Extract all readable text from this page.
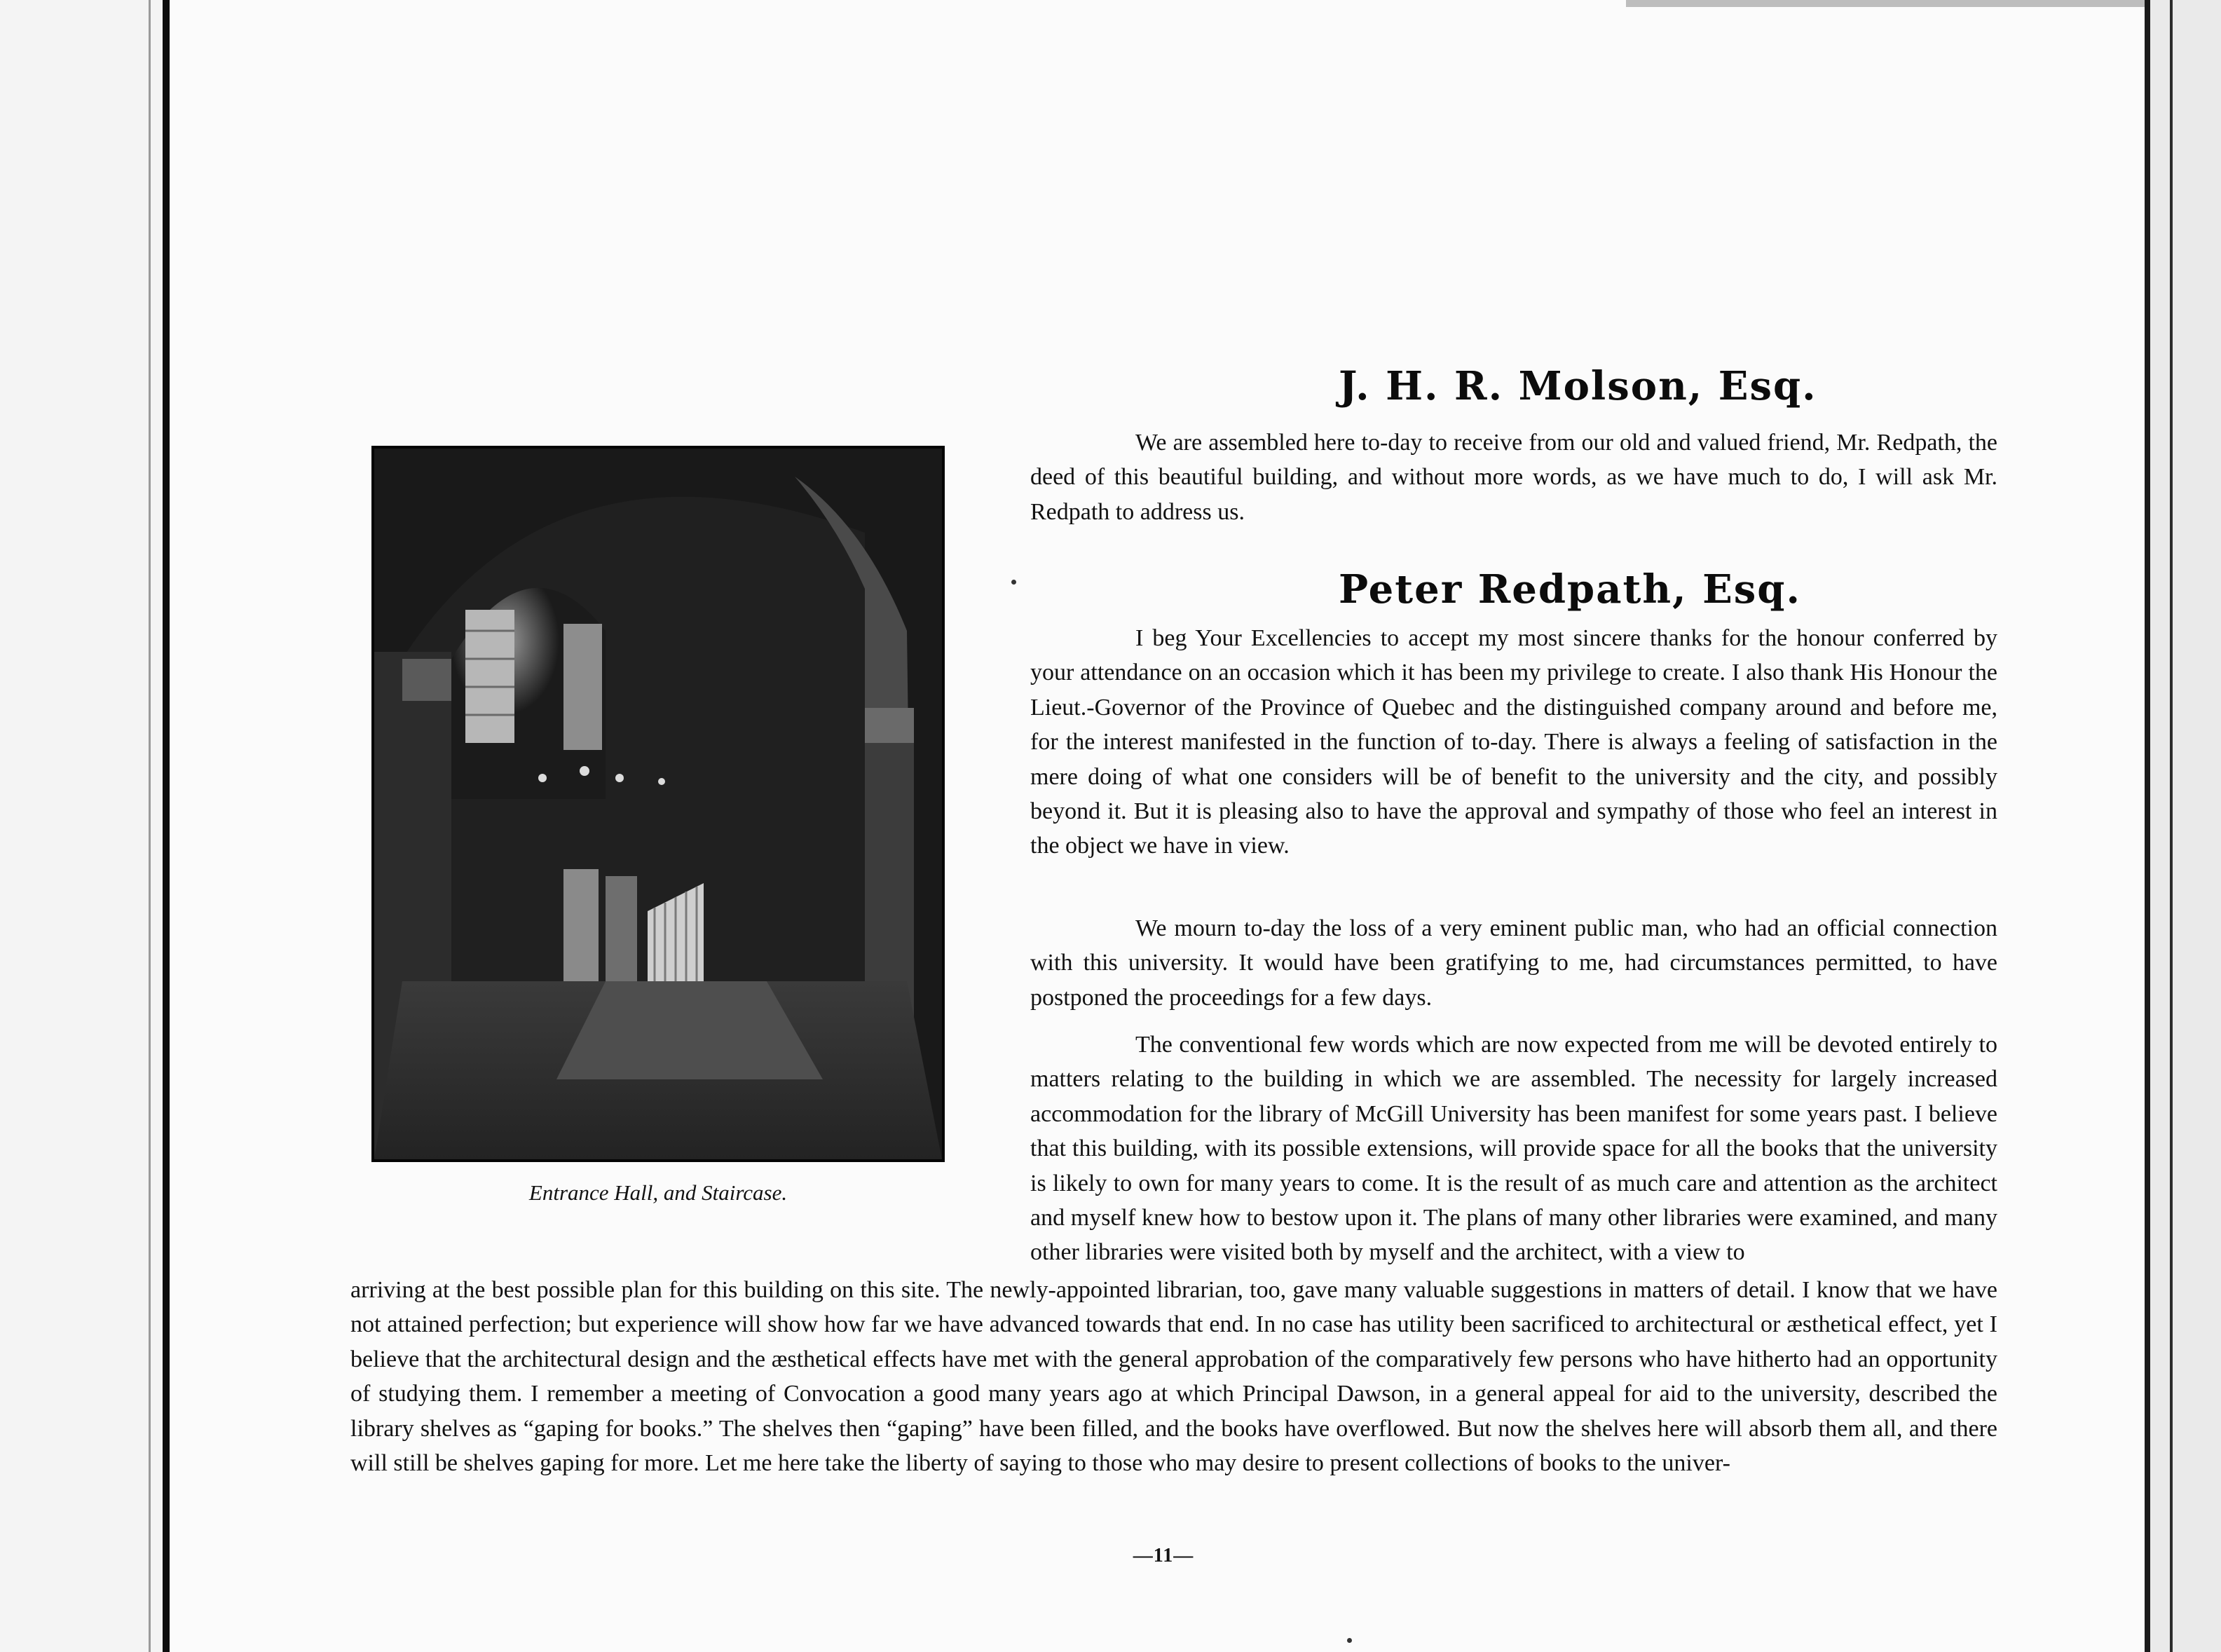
J. H. R. Molson, Esq.
We are assembled here to-day to receive from our old and valued friend, Mr. Redpath, the deed of this beautiful building, and without more words, as we have much to do, I will ask Mr. Redpath to address us.
Peter Redpath, Esq.
I beg Your Excellencies to accept my most sincere thanks for the honour conferred by your attendance on an occasion which it has been my privilege to create. I also thank His Honour the Lieut.-Governor of the Province of Quebec and the distinguished company around and before me, for the interest manifested in the function of to-day. There is always a feeling of satisfaction in the mere doing of what one considers will be of benefit to the university and the city, and possibly beyond it. But it is pleasing also to have the approval and sympathy of those who feel an interest in the object we have in view.
We mourn to-day the loss of a very eminent public man, who had an official connection with this university. It would have been gratifying to me, had circumstances permitted, to have postponed the proceedings for a few days.
The conventional few words which are now expected from me will be devoted entirely to matters relating to the building in which we are assembled. The necessity for largely increased accommodation for the library of McGill University has been manifest for some years past. I believe that this building, with its possible extensions, will provide space for all the books that the university is likely to own for many years to come. It is the result of as much care and attention as the architect and myself knew how to bestow upon it. The plans of many other libraries were examined, and many other libraries were visited both by myself and the architect, with a view to
arriving at the best possible plan for this building on this site. The newly-appointed librarian, too, gave many valuable suggestions in matters of detail. I know that we have not attained perfection; but experience will show how far we have advanced towards that end. In no case has utility been sacrificed to architectural or æsthetical effect, yet I believe that the architectural design and the æsthetical effects have met with the general approbation of the comparatively few persons who have hitherto had an opportunity of studying them. I remember a meeting of Convocation a good many years ago at which Principal Dawson, in a general appeal for aid to the university, described the library shelves as “gaping for books.” The shelves then “gaping” have been filled, and the books have overflowed. But now the shelves here will absorb them all, and there will still be shelves gaping for more. Let me here take the liberty of saying to those who may desire to present collections of books to the univer-
Entrance Hall, and Staircase.
—11—
